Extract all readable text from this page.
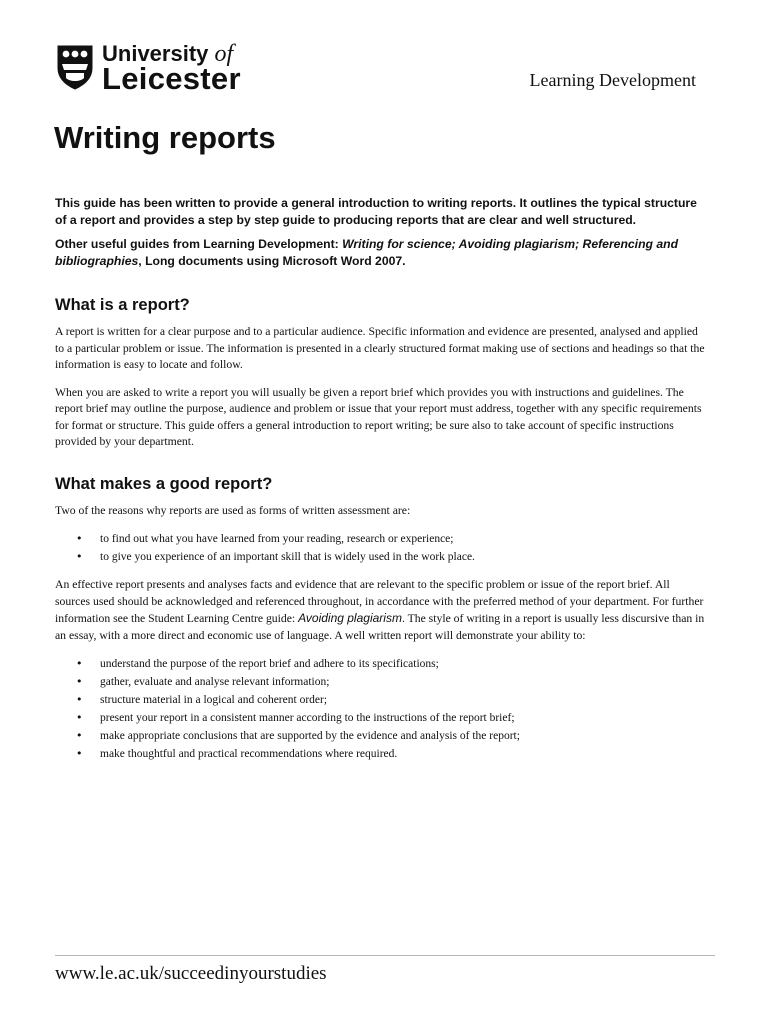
University of
Leicester	Learning Development
Writing reports

This guide has been written to provide a general introduction to writing reports. It outlines the typical structure of a report and provides a step by step guide to producing reports that are clear and well structured.

Other useful guides from Learning Development: Writing for science; Avoiding plagiarism; Referencing and bibliographies, Long documents using Microsoft Word 2007.

What is a report?

A report is written for a clear purpose and to a particular audience. Specific information and evidence are presented, analysed and applied to a particular problem or issue. The information is presented in a clearly structured format making use of sections and headings so that the information is easy to locate and follow.

When you are asked to write a report you will usually be given a report brief which provides you with instructions and guidelines. The report brief may outline the purpose, audience and problem or issue that your report must address, together with any specific requirements for format or structure. This guide offers a general introduction to report writing; be sure also to take account of specific instructions provided by your department.

What makes a good report?

Two of the reasons why reports are used as forms of written assessment are:

• to find out what you have learned from your reading, research or experience;
• to give you experience of an important skill that is widely used in the work place.

An effective report presents and analyses facts and evidence that are relevant to the specific problem or issue of the report brief. All sources used should be acknowledged and referenced throughout, in accordance with the preferred method of your department. For further information see the Student Learning Centre guide: Avoiding plagiarism. The style of writing in a report is usually less discursive than in an essay, with a more direct and economic use of language. A well written report will demonstrate your ability to:

• understand the purpose of the report brief and adhere to its specifications;
• gather, evaluate and analyse relevant information;
• structure material in a logical and coherent order;
• present your report in a consistent manner according to the instructions of the report brief;
• make appropriate conclusions that are supported by the evidence and analysis of the report;
• make thoughtful and practical recommendations where required.
www.le.ac.uk/succeedinyourstudies
